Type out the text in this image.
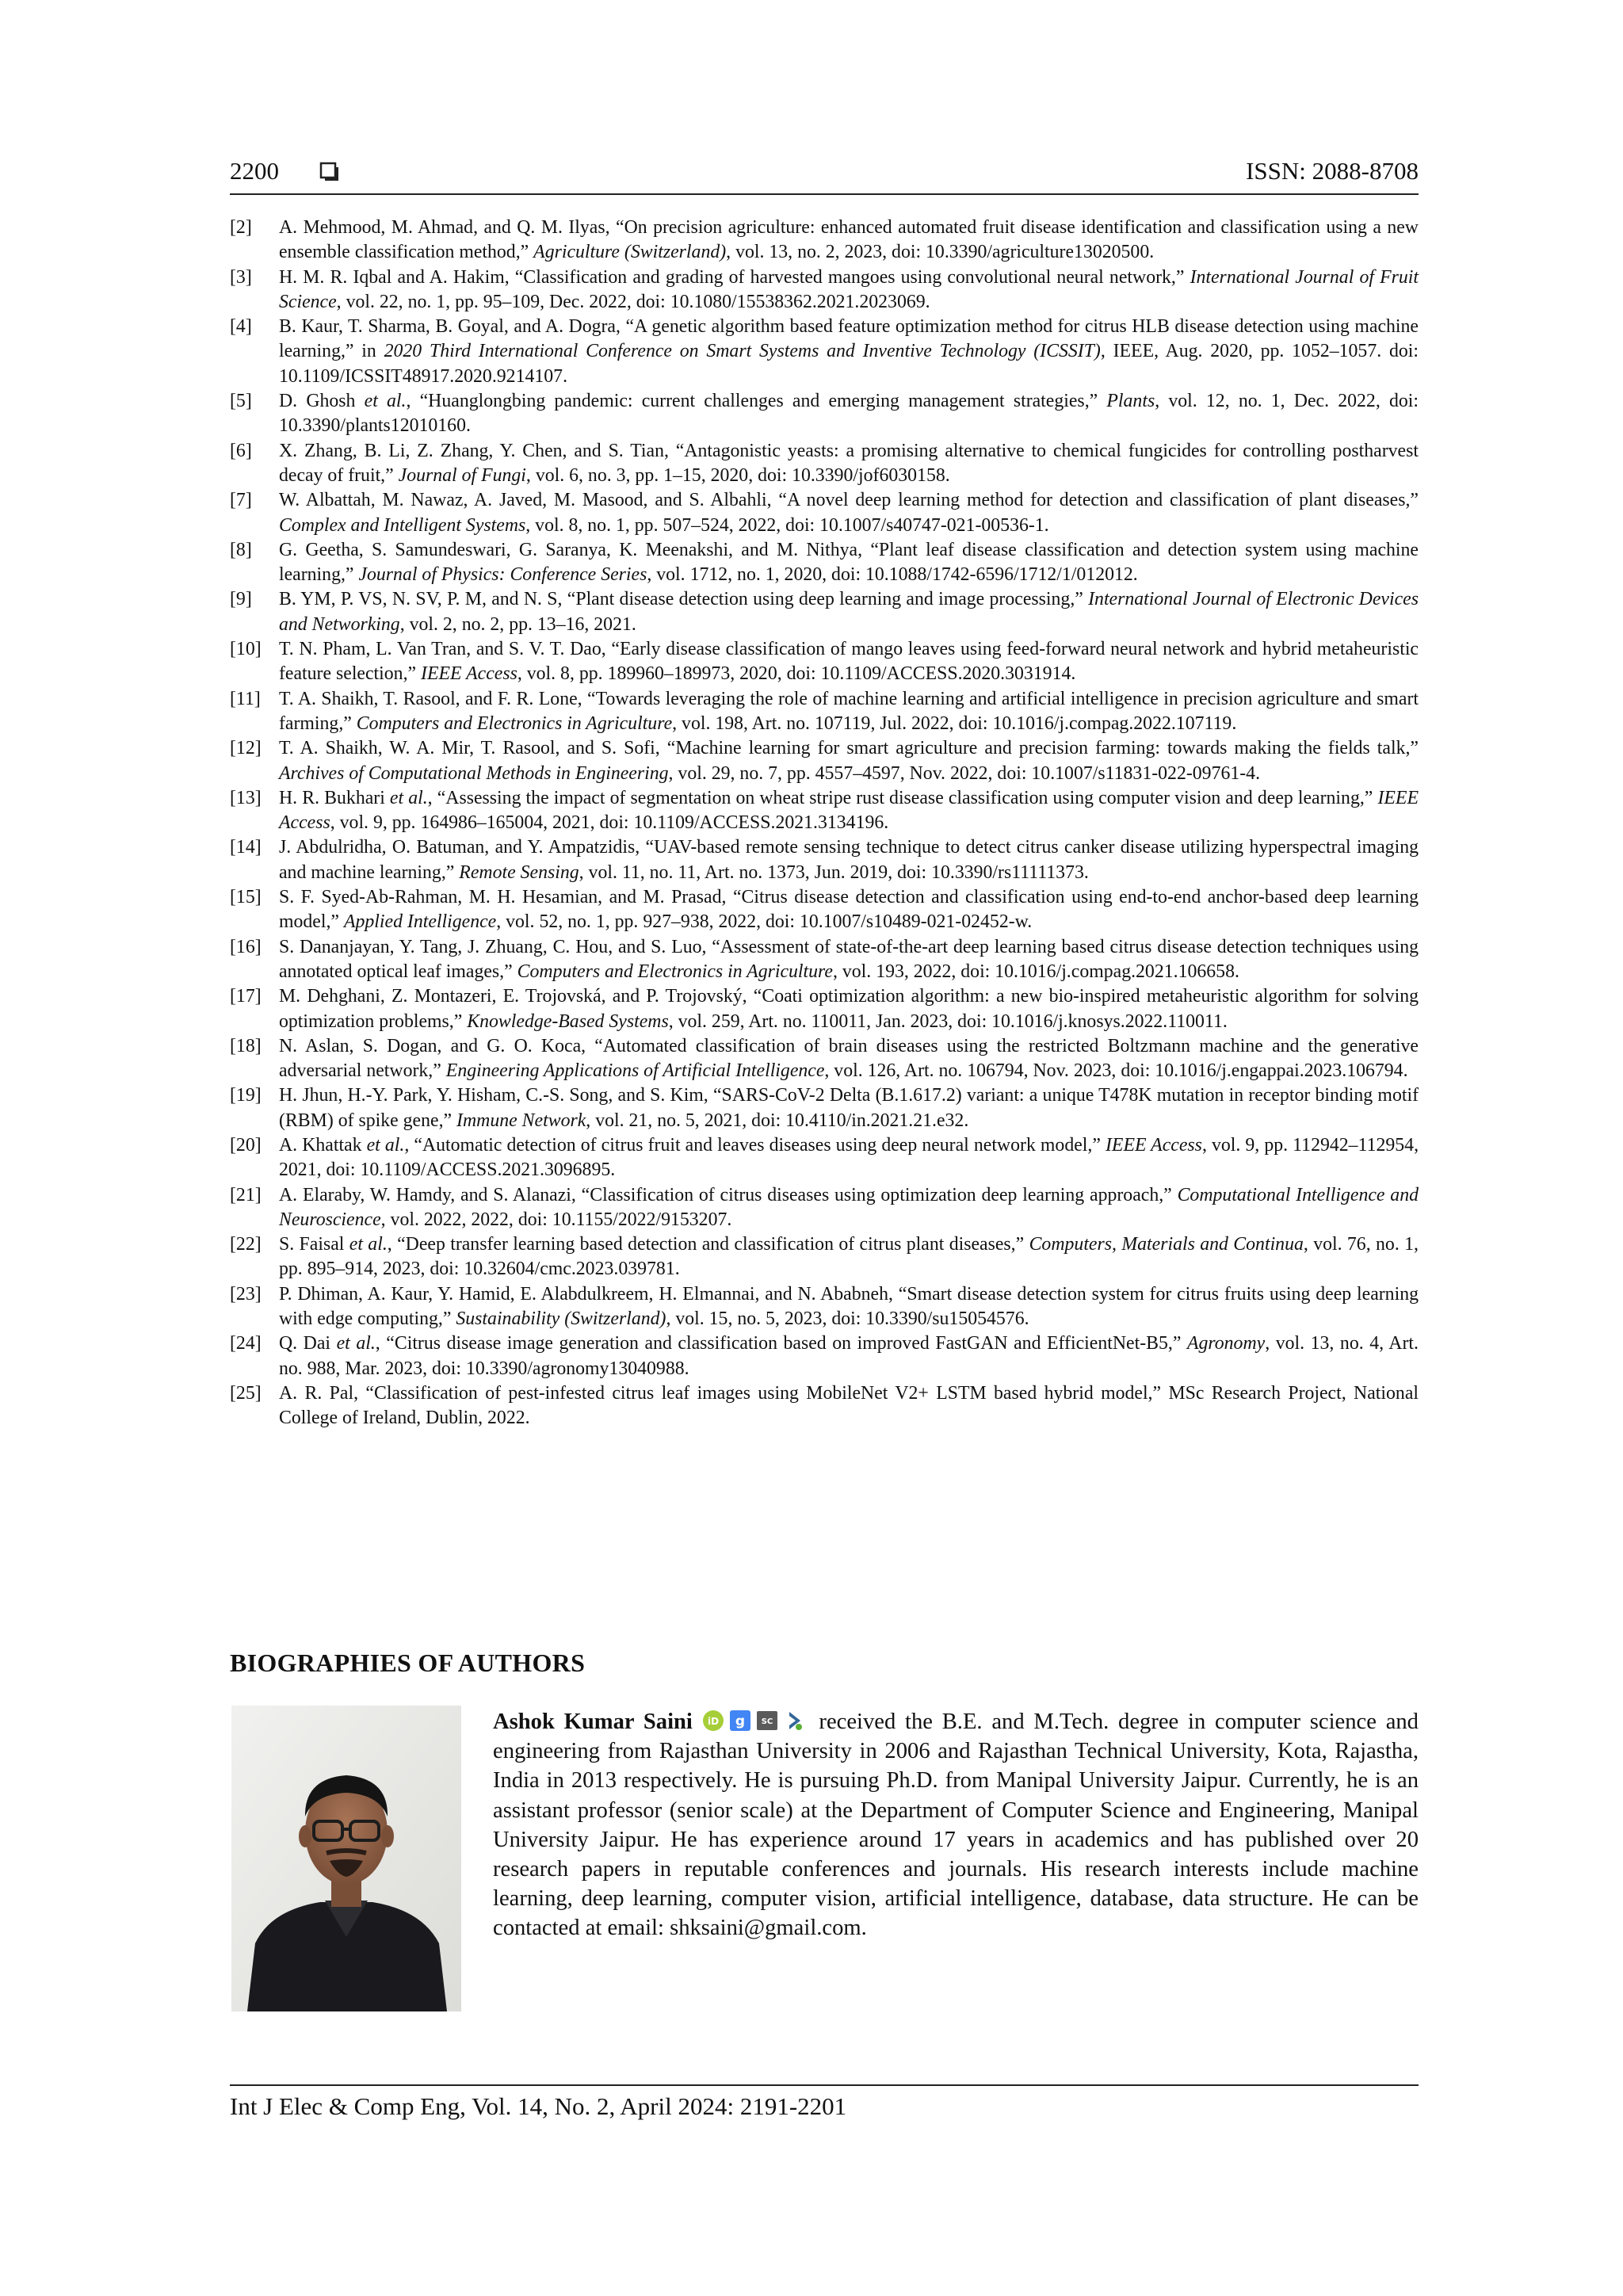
2200	ISSN: 2088-8708
[2]	A. Mehmood, M. Ahmad, and Q. M. Ilyas, “On precision agriculture: enhanced automated fruit disease identification and classification using a new ensemble classification method,” Agriculture (Switzerland), vol. 13, no. 2, 2023, doi: 10.3390/agriculture13020500.
[3]	H. M. R. Iqbal and A. Hakim, “Classification and grading of harvested mangoes using convolutional neural network,” International Journal of Fruit Science, vol. 22, no. 1, pp. 95–109, Dec. 2022, doi: 10.1080/15538362.2021.2023069.
[4]	B. Kaur, T. Sharma, B. Goyal, and A. Dogra, “A genetic algorithm based feature optimization method for citrus HLB disease detection using machine learning,” in 2020 Third International Conference on Smart Systems and Inventive Technology (ICSSIT), IEEE, Aug. 2020, pp. 1052–1057. doi: 10.1109/ICSSIT48917.2020.9214107.
[5]	D. Ghosh et al., “Huanglongbing pandemic: current challenges and emerging management strategies,” Plants, vol. 12, no. 1, Dec. 2022, doi: 10.3390/plants12010160.
[6]	X. Zhang, B. Li, Z. Zhang, Y. Chen, and S. Tian, “Antagonistic yeasts: a promising alternative to chemical fungicides for controlling postharvest decay of fruit,” Journal of Fungi, vol. 6, no. 3, pp. 1–15, 2020, doi: 10.3390/jof6030158.
[7]	W. Albattah, M. Nawaz, A. Javed, M. Masood, and S. Albahli, “A novel deep learning method for detection and classification of plant diseases,” Complex and Intelligent Systems, vol. 8, no. 1, pp. 507–524, 2022, doi: 10.1007/s40747-021-00536-1.
[8]	G. Geetha, S. Samundeswari, G. Saranya, K. Meenakshi, and M. Nithya, “Plant leaf disease classification and detection system using machine learning,” Journal of Physics: Conference Series, vol. 1712, no. 1, 2020, doi: 10.1088/1742-6596/1712/1/012012.
[9]	B. YM, P. VS, N. SV, P. M, and N. S, “Plant disease detection using deep learning and image processing,” International Journal of Electronic Devices and Networking, vol. 2, no. 2, pp. 13–16, 2021.
[10] T. N. Pham, L. Van Tran, and S. V. T. Dao, “Early disease classification of mango leaves using feed-forward neural network and hybrid metaheuristic feature selection,” IEEE Access, vol. 8, pp. 189960–189973, 2020, doi: 10.1109/ACCESS.2020.3031914.
[11] T. A. Shaikh, T. Rasool, and F. R. Lone, “Towards leveraging the role of machine learning and artificial intelligence in precision agriculture and smart farming,” Computers and Electronics in Agriculture, vol. 198, Art. no. 107119, Jul. 2022, doi: 10.1016/j.compag.2022.107119.
[12] T. A. Shaikh, W. A. Mir, T. Rasool, and S. Sofi, “Machine learning for smart agriculture and precision farming: towards making the fields talk,” Archives of Computational Methods in Engineering, vol. 29, no. 7, pp. 4557–4597, Nov. 2022, doi: 10.1007/s11831-022-09761-4.
[13] H. R. Bukhari et al., “Assessing the impact of segmentation on wheat stripe rust disease classification using computer vision and deep learning,” IEEE Access, vol. 9, pp. 164986–165004, 2021, doi: 10.1109/ACCESS.2021.3134196.
[14] J. Abdulridha, O. Batuman, and Y. Ampatzidis, “UAV-based remote sensing technique to detect citrus canker disease utilizing hyperspectral imaging and machine learning,” Remote Sensing, vol. 11, no. 11, Art. no. 1373, Jun. 2019, doi: 10.3390/rs11111373.
[15] S. F. Syed-Ab-Rahman, M. H. Hesamian, and M. Prasad, “Citrus disease detection and classification using end-to-end anchor-based deep learning model,” Applied Intelligence, vol. 52, no. 1, pp. 927–938, 2022, doi: 10.1007/s10489-021-02452-w.
[16] S. Dananjayan, Y. Tang, J. Zhuang, C. Hou, and S. Luo, “Assessment of state-of-the-art deep learning based citrus disease detection techniques using annotated optical leaf images,” Computers and Electronics in Agriculture, vol. 193, 2022, doi: 10.1016/j.compag.2021.106658.
[17] M. Dehghani, Z. Montazeri, E. Trojovská, and P. Trojovský, “Coati optimization algorithm: a new bio-inspired metaheuristic algorithm for solving optimization problems,” Knowledge-Based Systems, vol. 259, Art. no. 110011, Jan. 2023, doi: 10.1016/j.knosys.2022.110011.
[18] N. Aslan, S. Dogan, and G. O. Koca, “Automated classification of brain diseases using the restricted Boltzmann machine and the generative adversarial network,” Engineering Applications of Artificial Intelligence, vol. 126, Art. no. 106794, Nov. 2023, doi: 10.1016/j.engappai.2023.106794.
[19] H. Jhun, H.-Y. Park, Y. Hisham, C.-S. Song, and S. Kim, “SARS-CoV-2 Delta (B.1.617.2) variant: a unique T478K mutation in receptor binding motif (RBM) of spike gene,” Immune Network, vol. 21, no. 5, 2021, doi: 10.4110/in.2021.21.e32.
[20] A. Khattak et al., “Automatic detection of citrus fruit and leaves diseases using deep neural network model,” IEEE Access, vol. 9, pp. 112942–112954, 2021, doi: 10.1109/ACCESS.2021.3096895.
[21] A. Elaraby, W. Hamdy, and S. Alanazi, “Classification of citrus diseases using optimization deep learning approach,” Computational Intelligence and Neuroscience, vol. 2022, 2022, doi: 10.1155/2022/9153207.
[22] S. Faisal et al., “Deep transfer learning based detection and classification of citrus plant diseases,” Computers, Materials and Continua, vol. 76, no. 1, pp. 895–914, 2023, doi: 10.32604/cmc.2023.039781.
[23] P. Dhiman, A. Kaur, Y. Hamid, E. Alabdulkreem, H. Elmannai, and N. Ababneh, “Smart disease detection system for citrus fruits using deep learning with edge computing,” Sustainability (Switzerland), vol. 15, no. 5, 2023, doi: 10.3390/su15054576.
[24] Q. Dai et al., “Citrus disease image generation and classification based on improved FastGAN and EfficientNet-B5,” Agronomy, vol. 13, no. 4, Art. no. 988, Mar. 2023, doi: 10.3390/agronomy13040988.
[25] A. R. Pal, “Classification of pest-infested citrus leaf images using MobileNet V2+ LSTM based hybrid model,” MSc Research Project, National College of Ireland, Dublin, 2022.
BIOGRAPHIES OF AUTHORS

Ashok Kumar Saini iD g SC received the B.E. and M.Tech. degree in computer science and engineering from Rajasthan University in 2006 and Rajasthan Technical University, Kota, Rajastha, India in 2013 respectively. He is pursuing Ph.D. from Manipal University Jaipur. Currently, he is an assistant professor (senior scale) at the Department of Computer Science and Engineering, Manipal University Jaipur. He has experience around 17 years in academics and has published over 20 research papers in reputable conferences and journals. His research interests include machine learning, deep learning, computer vision, artificial intelligence, database, data structure. He can be contacted at email: shksaini@gmail.com.

Int J Elec & Comp Eng, Vol. 14, No. 2, April 2024: 2191-2201
